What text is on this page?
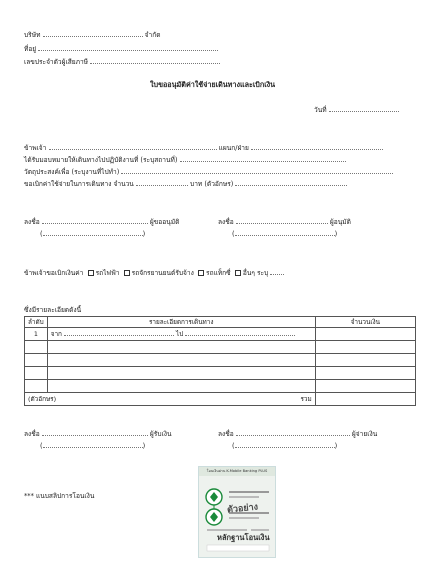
บริษัท	จำกัด
ที่อยู่
เลขประจำตัวผู้เสียภาษี
ใบขออนุมัติค่าใช้จ่ายเดินทางและเบิกเงิน
วันที่
ข้าพเจ้า	แผนก/ฝ่าย
ได้รับมอบหมายให้เดินทางไปปฏิบัติงานที่ (ระบุสถานที่)
วัตถุประสงค์เพื่อ (ระบุงานที่ไปทำ)
ขอเบิกค่าใช้จ่ายในการเดินทาง จำนวน	บาท (ตัวอักษร)
ลงชื่อ	ผู้ขออนุมัติ
(	)
ลงชื่อ	ผู้อนุมัติ
(	)
ข้าพเจ้าขอเบิกเงินค่า รถไฟฟ้า รถจักรยานยนต์รับจ้าง รถแท็กซี่ อื่นๆ ระบุ
ซึ่งมีรายละเอียดดังนี้
ลำดับ	รายละเอียดการเดินทาง	จำนวนเงิน
1	จาก ไป	

(ตัวอักษร) รวม		

ลงชื่อ	ผู้รับเงิน
(	)
ลงชื่อ	ผู้จ่ายเงิน
(	)
*** แนบสลิปการโอนเงิน
โอนเงินผ่าน K-Mobile Banking PLUS
ตัวอย่าง
หลักฐานโอนเงิน
